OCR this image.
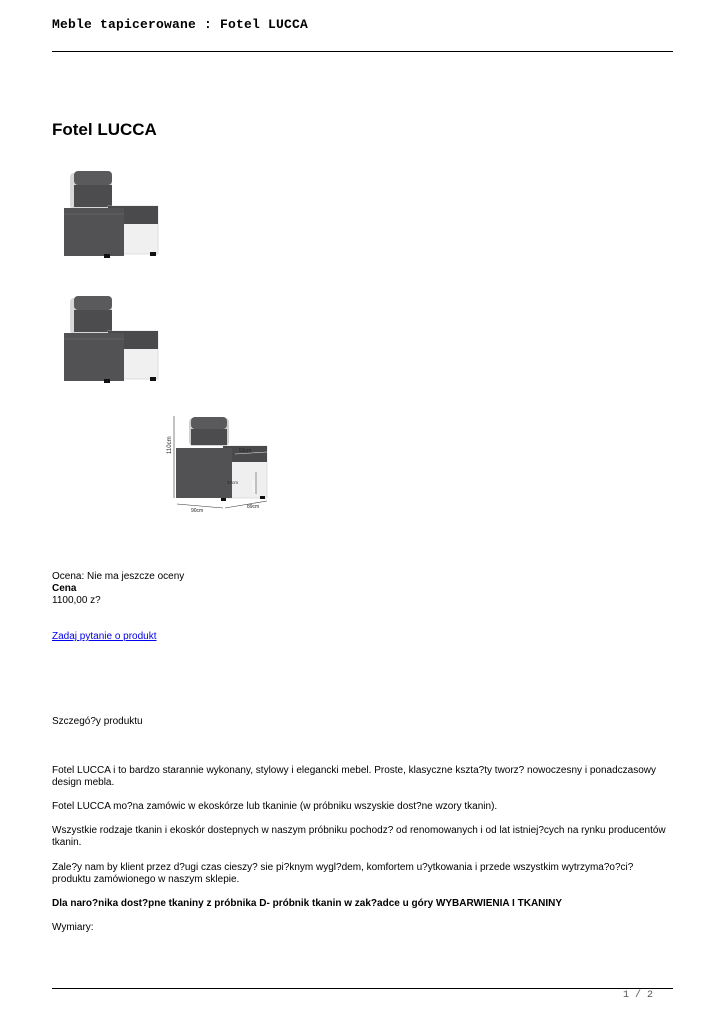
Meble tapicerowane : Fotel LUCCA
Fotel LUCCA
110cm	53cm
90cm
89cm
42cm
17cm
Ocena: Nie ma jeszcze oceny
Cena
1100,00 z?
Zadaj pytanie o produkt
Szczegó?y produktu
Fotel LUCCA i to bardzo starannie wykonany, stylowy i elegancki mebel. Proste, klasyczne kszta?ty tworz? nowoczesny i ponadczasowy design mebla.
Fotel LUCCA mo?na zamówic w ekoskórze lub tkaninie (w próbniku wszyskie dost?ne wzory tkanin).
Wszystkie rodzaje tkanin i ekoskór dostepnych w naszym próbniku pochodz? od renomowanych i od lat istniej?cych na rynku producentów tkanin.
Zale?y nam by klient przez d?ugi czas cieszy? sie pi?knym wygl?dem, komfortem u?ytkowania i przede wszystkim wytrzyma?o?ci? produktu zamówionego w naszym sklepie.
Dla naro?nika dost?pne tkaniny z próbnika D- próbnik tkanin w zak?adce u góry WYBARWIENIA I TKANINY
Wymiary:
1 / 2
